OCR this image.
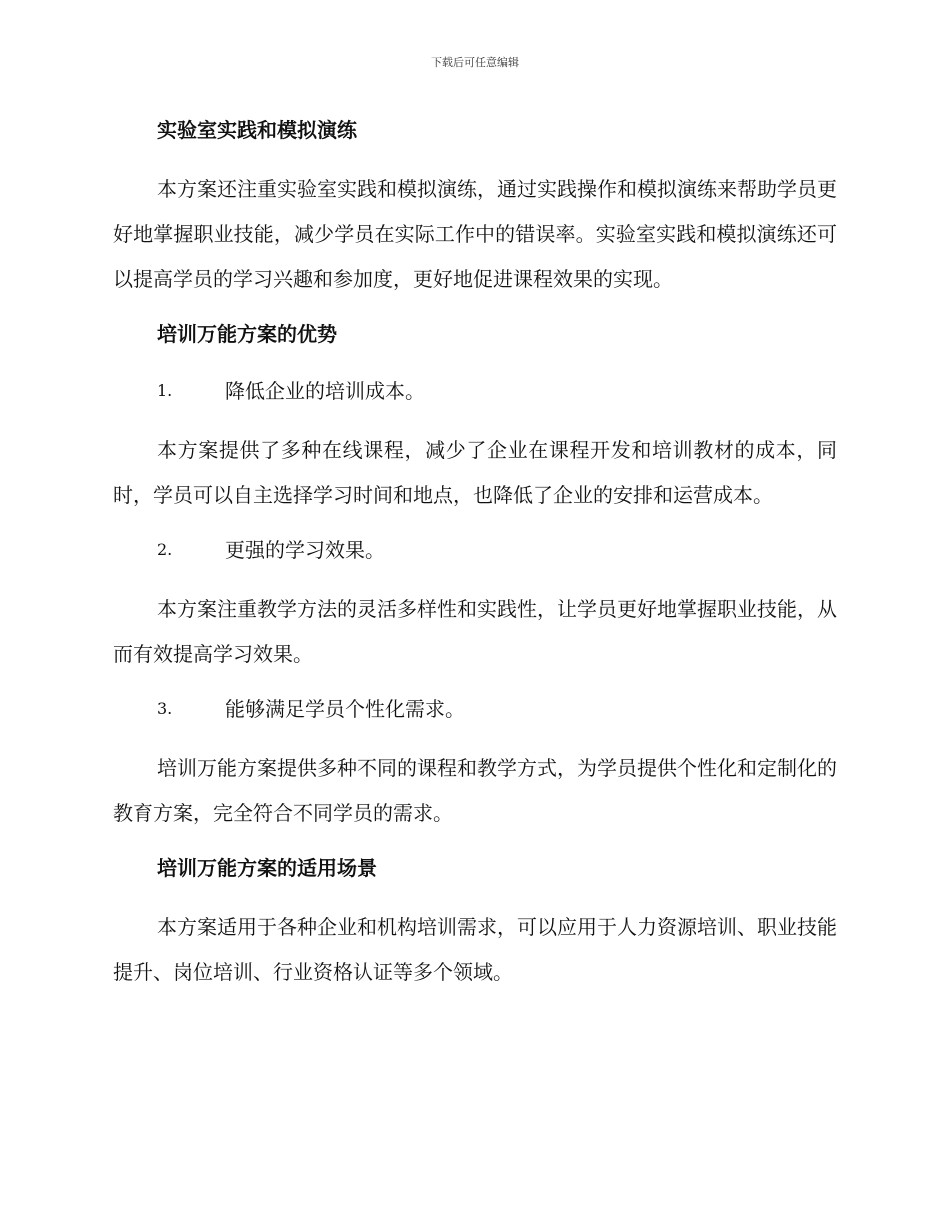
下载后可任意编辑
实验室实践和模拟演练

本方案还注重实验室实践和模拟演练，通过实践操作和模拟演练来帮助学员更好地掌握职业技能，减少学员在实际工作中的错误率。实验室实践和模拟演练还可以提高学员的学习兴趣和参加度，更好地促进课程效果的实现。

培训万能方案的优势
1.	降低企业的培训成本。

本方案提供了多种在线课程，减少了企业在课程开发和培训教材的成本，同时，学员可以自主选择学习时间和地点，也降低了企业的安排和运营成本。

2.	更强的学习效果。

本方案注重教学方法的灵活多样性和实践性，让学员更好地掌握职业技能，从而有效提高学习效果。

3.	能够满足学员个性化需求。

培训万能方案提供多种不同的课程和教学方式，为学员提供个性化和定制化的教育方案，完全符合不同学员的需求。

培训万能方案的适用场景

本方案适用于各种企业和机构培训需求，可以应用于人力资源培训、职业技能提升、岗位培训、行业资格认证等多个领域。
